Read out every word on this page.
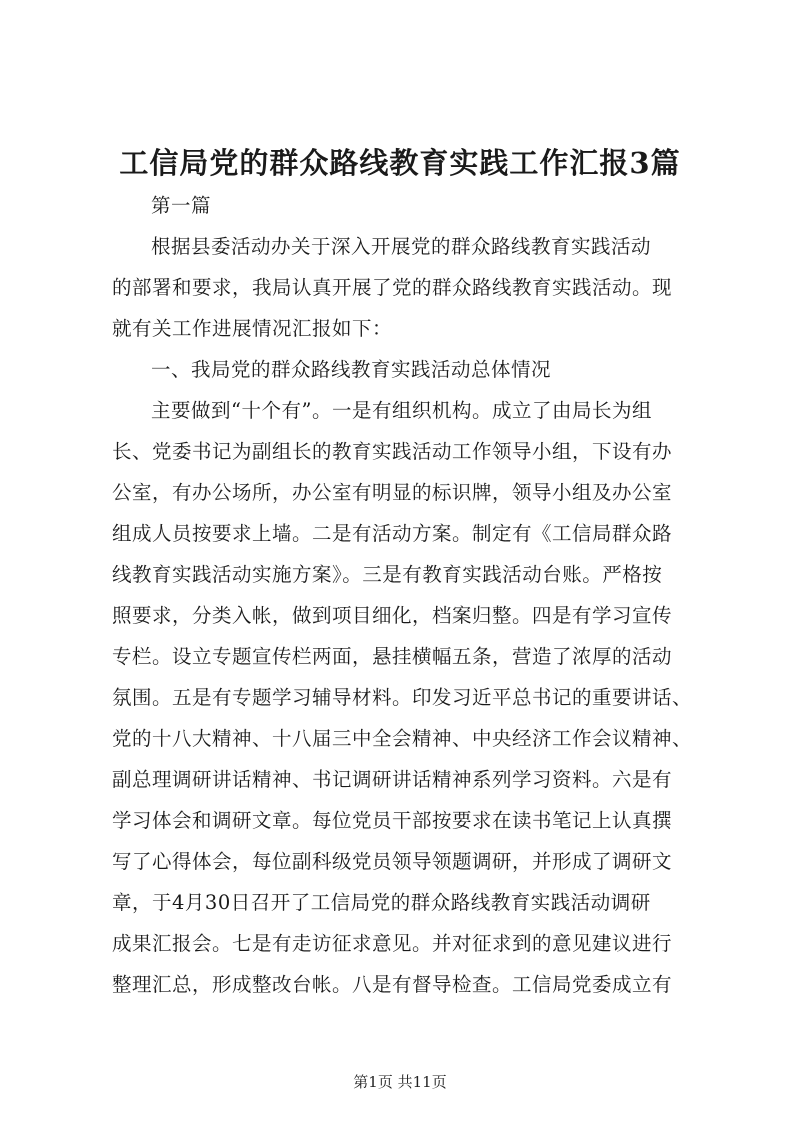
工信局党的群众路线教育实践工作汇报3篇

第一篇

根据县委活动办关于深入开展党的群众路线教育实践活动
的部署和要求，我局认真开展了党的群众路线教育实践活动。现
就有关工作进展情况汇报如下：

一、我局党的群众路线教育实践活动总体情况

主要做到“十个有”。一是有组织机构。成立了由局长为组
长、党委书记为副组长的教育实践活动工作领导小组，下设有办
公室，有办公场所，办公室有明显的标识牌，领导小组及办公室
组成人员按要求上墙。二是有活动方案。制定有《工信局群众路
线教育实践活动实施方案》。三是有教育实践活动台账。严格按
照要求，分类入帐，做到项目细化，档案归整。四是有学习宣传
专栏。设立专题宣传栏两面，悬挂横幅五条，营造了浓厚的活动
氛围。五是有专题学习辅导材料。印发习近平总书记的重要讲话、
党的十八大精神、十八届三中全会精神、中央经济工作会议精神、
副总理调研讲话精神、书记调研讲话精神系列学习资料。六是有
学习体会和调研文章。每位党员干部按要求在读书笔记上认真撰
写了心得体会，每位副科级党员领导领题调研，并形成了调研文
章，于4月30日召开了工信局党的群众路线教育实践活动调研
成果汇报会。七是有走访征求意见。并对征求到的意见建议进行
整理汇总，形成整改台帐。八是有督导检查。工信局党委成立有

第1页 共11页
